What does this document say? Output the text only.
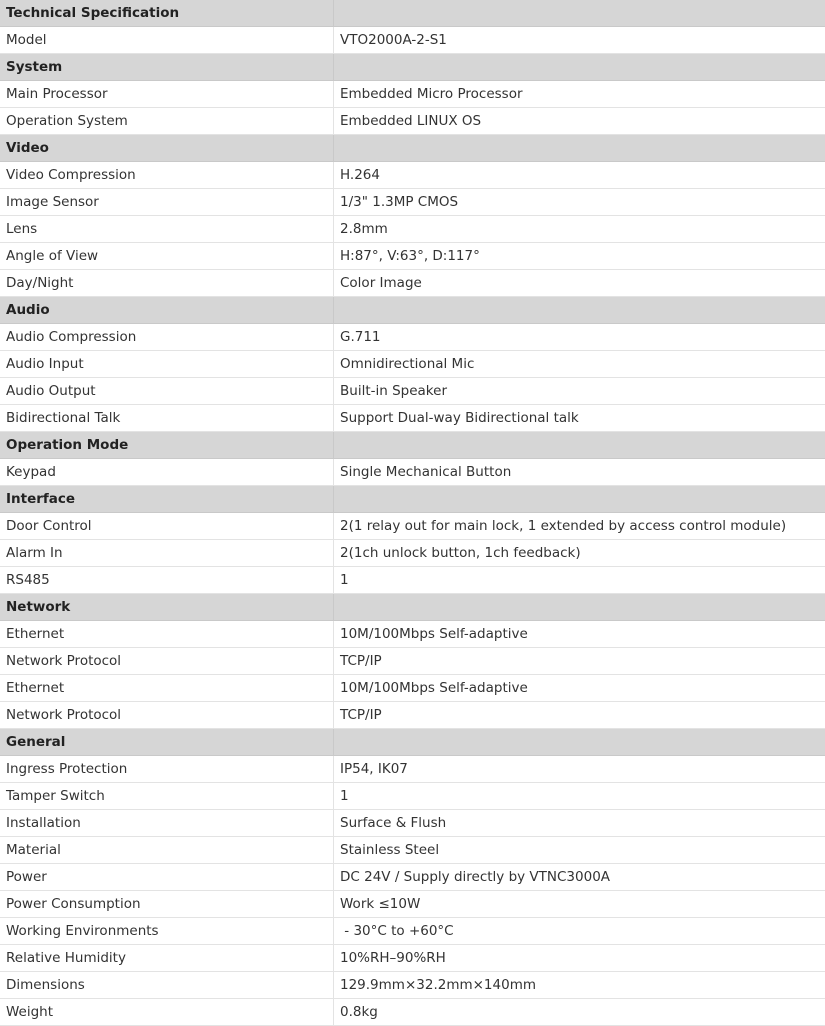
Technical Specification	
Model	VTO2000A-2-S1
System	
Main Processor	Embedded Micro Processor
Operation System	Embedded LINUX OS
Video	
Video Compression	H.264
Image Sensor	1/3" 1.3MP CMOS
Lens	2.8mm
Angle of View	H:87°, V:63°, D:117°
Day/Night	Color Image
Audio	
Audio Compression	G.711
Audio Input	Omnidirectional Mic
Audio Output	Built-in Speaker
Bidirectional Talk	Support Dual-way Bidirectional talk
Operation Mode	
Keypad	Single Mechanical Button
Interface	
Door Control	2(1 relay out for main lock, 1 extended by access control module)
Alarm In	2(1ch unlock button, 1ch feedback)
RS485	1
Network	
Ethernet	10M/100Mbps Self-adaptive
Network Protocol	TCP/IP
Ethernet	10M/100Mbps Self-adaptive
Network Protocol	TCP/IP
General	
Ingress Protection	IP54, IK07
Tamper Switch	1
Installation	Surface & Flush
Material	Stainless Steel
Power	DC 24V / Supply directly by VTNC3000A
Power Consumption	Work ≤10W
Working Environments	- 30°C to +60°C
Relative Humidity	10%RH–90%RH
Dimensions	129.9mm×32.2mm×140mm
Weight	0.8kg
